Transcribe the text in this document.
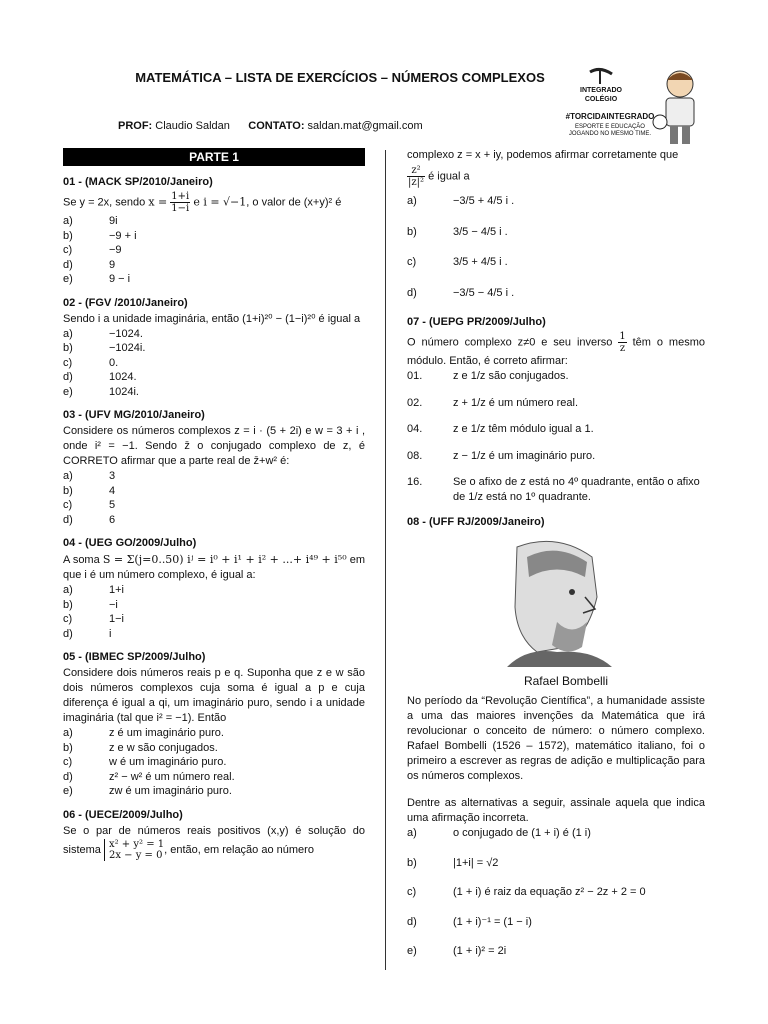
MATEMÁTICA – LISTA DE EXERCÍCIOS – NÚMEROS COMPLEXOS
PROF: Claudio Saldan CONTATO: saldan.mat@gmail.com
INTEGRADO
COLÉGIO
#TORCIDAINTEGRADO
ESPORTE E EDUCAÇÃO
JOGANDO NO MESMO TIME.
PARTE 1
01 - (MACK SP/2010/Janeiro)
Se y = 2x, sendo $x = \frac{1+i}{1-i}$ e i = √−1, o valor de (x+y)² é
a)	9i
b)	−9 + i
c)	−9
d)	9
e)	9 − i
02 - (FGV /2010/Janeiro)
Sendo i a unidade imaginária, então (1+i)²⁰ − (1−i)²⁰ é igual a
a)	−1024.
b)	−1024i.
c)	0.
d)	1024.
e)	1024i.
03 - (UFV MG/2010/Janeiro)
Considere os números complexos z = i · (5 + 2i) e w = 3 + i , onde i² = −1. Sendo z̄ o conjugado complexo de z, é CORRETO afirmar que a parte real de z̄+w² é:
a)	3
b)	4
c)	5
d)	6
04 - (UEG GO/2009/Julho)
A soma S = Σ(j=0..50) iʲ = i⁰ + i¹ + i² + ...+ i⁴⁹ + i⁵⁰ em que i é um número complexo, é igual a:
a)	1+i
b)	−i
c)	1−i
d)	i
05 - (IBMEC SP/2009/Julho)
Considere dois números reais p e q. Suponha que z e w são dois números complexos cuja soma é igual a p e cuja diferença é igual a qi, um imaginário puro, sendo i a unidade imaginária (tal que i² = −1). Então
a)	z é um imaginário puro.
b)	z e w são conjugados.
c)	w é um imaginário puro.
d)	z² − w² é um número real.
e)	zw é um imaginário puro.
06 - (UECE/2009/Julho)
Se o par de números reais positivos (x,y) é solução do sistema x² + y² = 1
2x − y = 0 , então, em relação ao número
complexo z = x + iy, podemos afirmar corretamente que
$\frac{\text{z²}}{\text{|z|²}}$ é igual a
a)	−3/5 + 4/5 i .
b)	3/5 − 4/5 i .
c)	3/5 + 4/5 i .
d)	−3/5 − 4/5 i .
07 - (UEPG PR/2009/Julho)
O número complexo z≠0 e seu inverso $\frac{1}{z}$ têm o mesmo módulo. Então, é correto afirmar:
01.	z e 1/z são conjugados.
02.	z + 1/z é um número real.
04.	z e 1/z têm módulo igual a 1.
08.	z − 1/z é um imaginário puro.
16.	Se o afixo de z está no 4º quadrante, então o afixo de 1/z está no 1º quadrante.
08 - (UFF RJ/2009/Janeiro)
Rafael Bombelli
No período da “Revolução Científica”, a humanidade assiste a uma das maiores invenções da Matemática que irá revolucionar o conceito de número: o número complexo. Rafael Bombelli (1526 – 1572), matemático italiano, foi o primeiro a escrever as regras de adição e multiplicação para os números complexos.
Dentre as alternativas a seguir, assinale aquela que indica uma afirmação incorreta.
a)	o conjugado de (1 + i) é (1 i)
b)	|1+i| = √2
c)	(1 + i) é raiz da equação z² − 2z + 2 = 0
d)	(1 + i)⁻¹ = (1 − i)
e)	(1 + i)² = 2i
